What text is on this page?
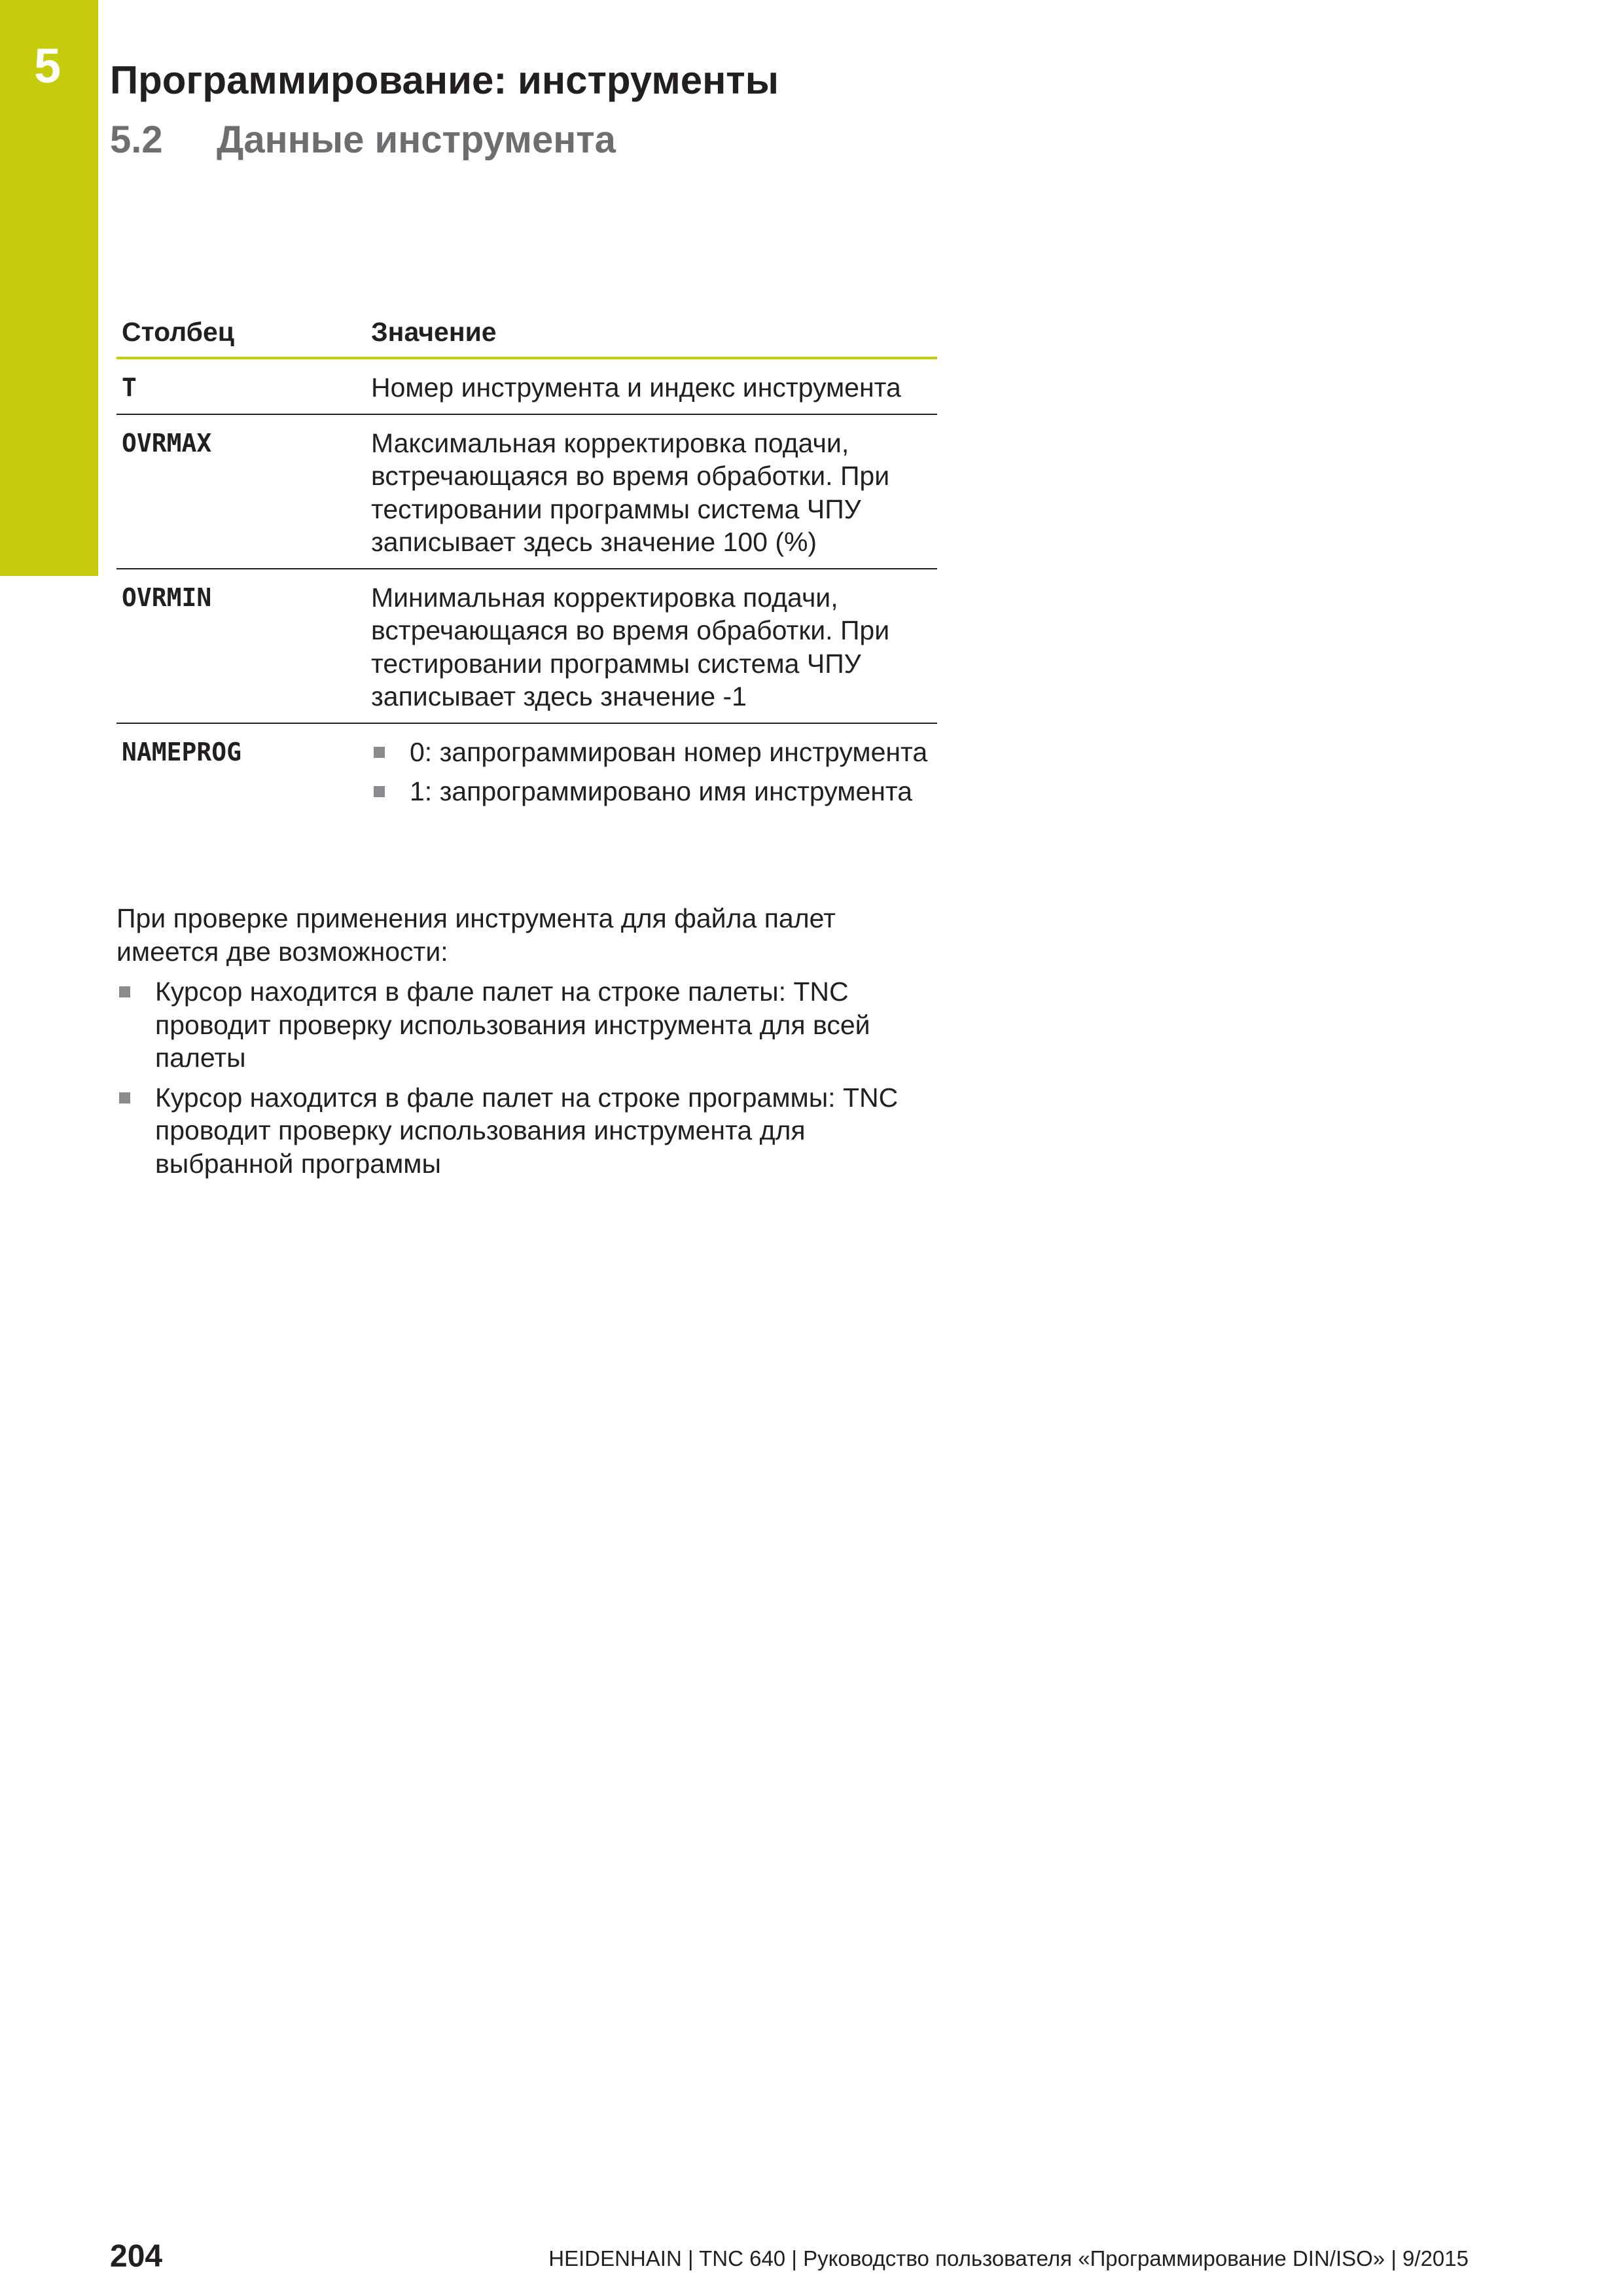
5 Программирование: инструменты
5.2 Данные инструмента
Столбец	Значение
T	Номер инструмента и индекс инструмента
OVRMAX	Максимальная корректировка подачи, встречающаяся во время обработки. При тестировании программы система ЧПУ записывает здесь значение 100 (%)
OVRMIN	Минимальная корректировка подачи, встречающаяся во время обработки. При тестировании программы система ЧПУ записывает здесь значение -1
NAMEPROG	0: запрограммирован номер инструмента
1: запрограммировано имя инструмента
При проверке применения инструмента для файла палет имеется две возможности:
Курсор находится в фале палет на строке палеты: TNC проводит проверку использования инструмента для всей палеты
Курсор находится в фале палет на строке программы: TNC проводит проверку использования инструмента для выбранной программы
204	HEIDENHAIN | TNC 640 | Руководство пользователя «Программирование DIN/ISO» | 9/2015
